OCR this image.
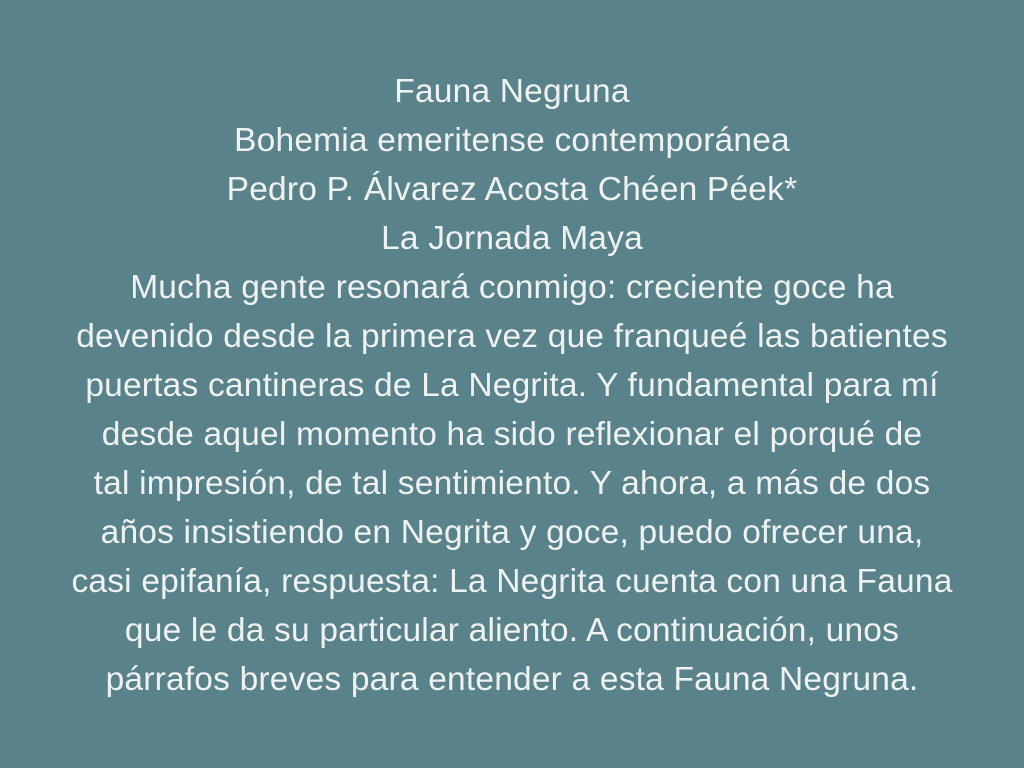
Fauna Negruna
Bohemia emeritense contemporánea
Pedro P. Álvarez Acosta Chéen Péek*
La Jornada Maya
Mucha gente resonará conmigo: creciente goce ha
devenido desde la primera vez que franqueé las batientes
puertas cantineras de La Negrita. Y fundamental para mí
desde aquel momento ha sido reflexionar el porqué de
tal impresión, de tal sentimiento. Y ahora, a más de dos
años insistiendo en Negrita y goce, puedo ofrecer una,
casi epifanía, respuesta: La Negrita cuenta con una Fauna
que le da su particular aliento. A continuación, unos
párrafos breves para entender a esta Fauna Negruna.
